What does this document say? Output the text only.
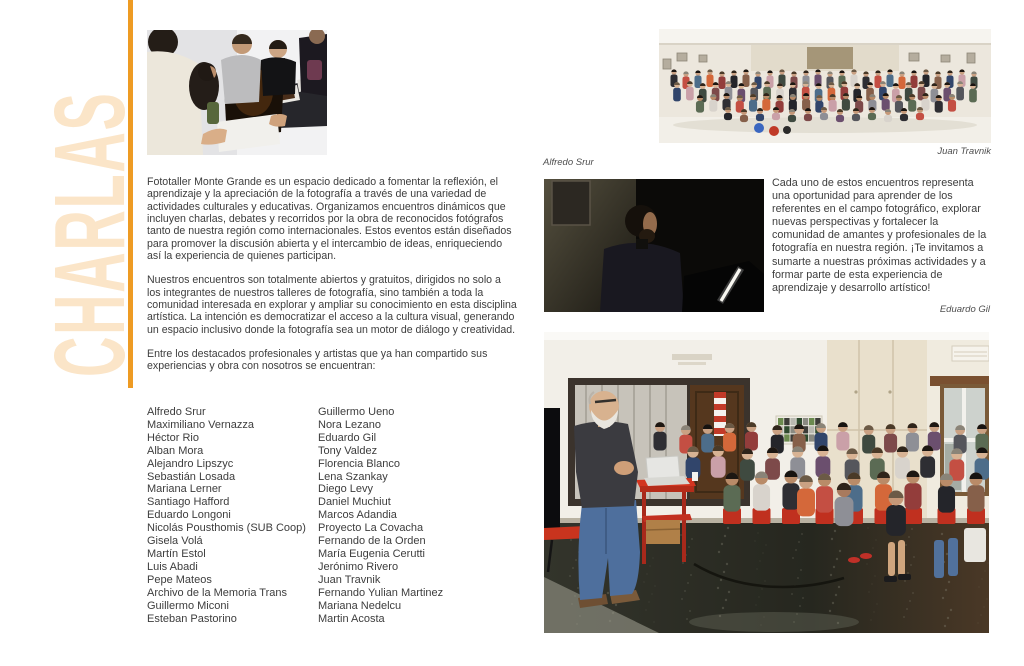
CHARLAS Fototaller Monte Grande es un espacio dedicado a fomentar la reflexión, el aprendizaje y la apreciación de la fotografía a través de una variedad de actividades culturales y educativas. Organizamos encuentros dinámicos que incluyen charlas, debates y recorridos por la obra de reconocidos fotógrafos tanto de nuestra región como internacionales. Estos eventos están diseñados para promover la discusión abierta y el intercambio de ideas, enriqueciendo así la experiencia de quienes participan.
Nuestros encuentros son totalmente abiertos y gratuitos, dirigidos no solo a los integrantes de nuestros talleres de fotografía, sino también a toda la comunidad interesada en explorar y ampliar su conocimiento en esta disciplina artística. La intención es democratizar el acceso a la cultura visual, generando un espacio inclusivo donde la fotografía sea un motor de diálogo y creatividad.
Entre los destacados profesionales y artistas que ya han compartido sus experiencias y obra con nosotros se encuentran:
Alfredo Srur
Maximiliano Vernazza
Héctor Rio
Alban Mora
Alejandro Lipszyc
Sebastián Losada
Mariana Lerner
Santiago Hafford
Eduardo Longoni
Nicolás Pousthomis (SUB Coop)
Gisela Volá
Martín Estol
Luis Abadi
Pepe Mateos
Archivo de la Memoria Trans
Guillermo Miconi
Esteban Pastorino
Guillermo Ueno
Nora Lezano
Eduardo Gil
Tony Valdez
Florencia Blanco
Lena Szankay
Diego Levy
Daniel Muchiut
Marcos Adandia
Proyecto La Covacha
Fernando de la Orden
María Eugenia Cerutti
Jerónimo Rivero
Juan Travnik
Fernando Yulian Martinez
Mariana Nedelcu
Martin Acosta
Juan Travnik
Alfredo Srur
Cada uno de estos encuentros representa una oportunidad para aprender de los referentes en el campo fotográfico, explorar nuevas perspectivas y fortalecer la comunidad de amantes y profesionales de la fotografía en nuestra región. ¡Te invitamos a sumarte a nuestras próximas actividades y a formar parte de esta experiencia de aprendizaje y desarrollo artístico!
Eduardo Gil
